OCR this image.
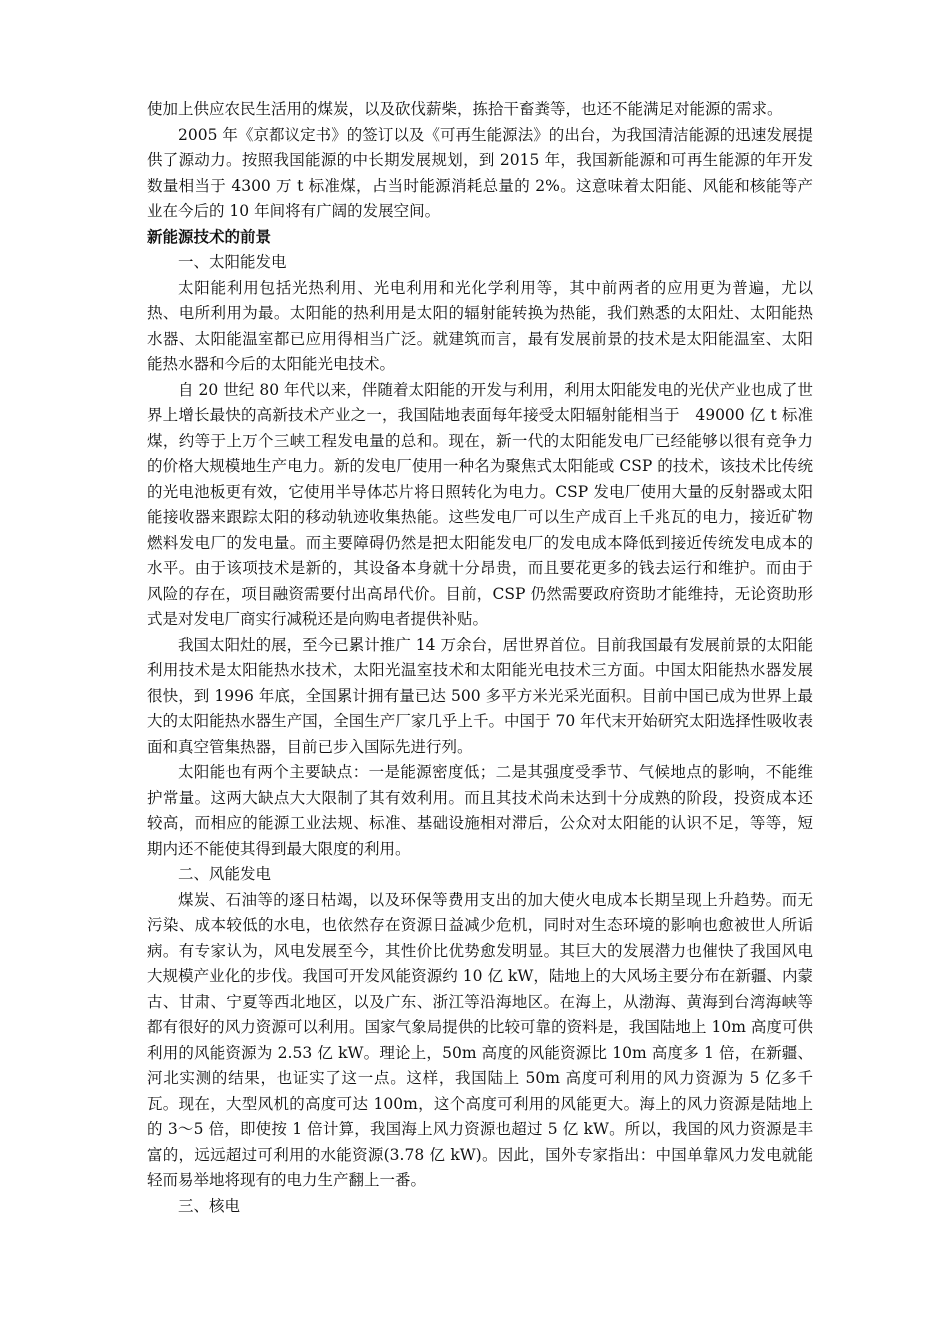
使加上供应农民生活用的煤炭，以及砍伐薪柴，拣拾干畜粪等，也还不能满足对能源的需求。

2005 年《京都议定书》的签订以及《可再生能源法》的出台，为我国清洁能源的迅速发展提供了源动力。按照我国能源的中长期发展规划，到 2015 年，我国新能源和可再生能源的年开发数量相当于 4300 万 t 标准煤，占当时能源消耗总量的 2%。这意味着太阳能、风能和核能等产业在今后的 10 年间将有广阔的发展空间。

新能源技术的前景

一、太阳能发电

太阳能利用包括光热利用、光电利用和光化学利用等，其中前两者的应用更为普遍，尤以热、电所利用为最。太阳能的热利用是太阳的辐射能转换为热能，我们熟悉的太阳灶、太阳能热水器、太阳能温室都已应用得相当广泛。就建筑而言，最有发展前景的技术是太阳能温室、太阳能热水器和今后的太阳能光电技术。

自 20 世纪 80 年代以来，伴随着太阳能的开发与利用，利用太阳能发电的光伏产业也成了世界上增长最快的高新技术产业之一，我国陆地表面每年接受太阳辐射能相当于　49000 亿 t 标准煤，约等于上万个三峡工程发电量的总和。现在，新一代的太阳能发电厂已经能够以很有竞争力的价格大规模地生产电力。新的发电厂使用一种名为聚焦式太阳能或 CSP 的技术，该技术比传统的光电池板更有效，它使用半导体芯片将日照转化为电力。CSP 发电厂使用大量的反射器或太阳能接收器来跟踪太阳的移动轨迹收集热能。这些发电厂可以生产成百上千兆瓦的电力，接近矿物燃料发电厂的发电量。而主要障碍仍然是把太阳能发电厂的发电成本降低到接近传统发电成本的水平。由于该项技术是新的，其设备本身就十分昂贵，而且要花更多的钱去运行和维护。而由于风险的存在，项目融资需要付出高昂代价。目前，CSP 仍然需要政府资助才能维持，无论资助形式是对发电厂商实行减税还是向购电者提供补贴。

我国太阳灶的展，至今已累计推广 14 万余台，居世界首位。目前我国最有发展前景的太阳能利用技术是太阳能热水技术，太阳光温室技术和太阳能光电技术三方面。中国太阳能热水器发展很快，到 1996 年底，全国累计拥有量已达 500 多平方米光采光面积。目前中国已成为世界上最大的太阳能热水器生产国，全国生产厂家几乎上千。中国于 70 年代末开始研究太阳选择性吸收表面和真空管集热器，目前已步入国际先进行列。

太阳能也有两个主要缺点：一是能源密度低；二是其强度受季节、气候地点的影响，不能维护常量。这两大缺点大大限制了其有效利用。而且其技术尚未达到十分成熟的阶段，投资成本还较高，而相应的能源工业法规、标准、基础设施相对滞后，公众对太阳能的认识不足，等等，短期内还不能使其得到最大限度的利用。

二、风能发电

煤炭、石油等的逐日枯竭，以及环保等费用支出的加大使火电成本长期呈现上升趋势。而无污染、成本较低的水电，也依然存在资源日益减少危机，同时对生态环境的影响也愈被世人所诟病。有专家认为，风电发展至今，其性价比优势愈发明显。其巨大的发展潜力也催快了我国风电大规模产业化的步伐。我国可开发风能资源约 10 亿 kW，陆地上的大风场主要分布在新疆、内蒙古、甘肃、宁夏等西北地区，以及广东、浙江等沿海地区。在海上，从渤海、黄海到台湾海峡等都有很好的风力资源可以利用。国家气象局提供的比较可靠的资料是，我国陆地上 10m 高度可供利用的风能资源为 2.53 亿 kW。理论上，50m 高度的风能资源比 10m 高度多 1 倍，在新疆、河北实测的结果，也证实了这一点。这样，我国陆上 50m 高度可利用的风力资源为 5 亿多千瓦。现在，大型风机的高度可达 100m，这个高度可利用的风能更大。海上的风力资源是陆地上的 3～5 倍，即使按 1 倍计算，我国海上风力资源也超过 5 亿 kW。所以，我国的风力资源是丰富的，远远超过可利用的水能资源(3.78 亿 kW)。因此，国外专家指出：中国单靠风力发电就能轻而易举地将现有的电力生产翻上一番。

三、核电
